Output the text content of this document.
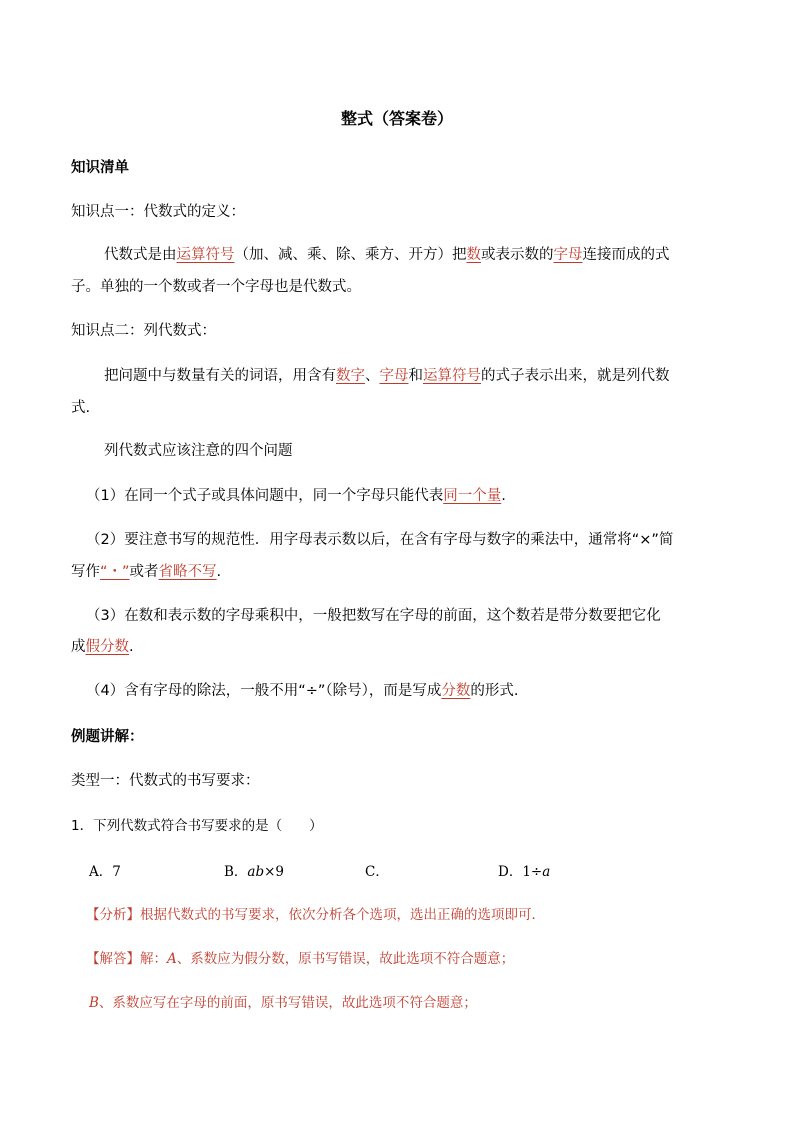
整式（答案卷）
知识清单
知识点一：代数式的定义：
代数式是由运算符号（加、减、乘、除、乘方、开方）把数或表示数的字母连接而成的式
子。单独的一个数或者一个字母也是代数式。
知识点二：列代数式：
把问题中与数量有关的词语，用含有数字、字母和运算符号的式子表示出来，就是列代数
式.
列代数式应该注意的四个问题
（1）在同一个式子或具体问题中，同一个字母只能代表同一个量.
（2）要注意书写的规范性．用字母表示数以后，在含有字母与数字的乘法中，通常将“×”简
写作“・”或者省略不写.
（3）在数和表示数的字母乘积中，一般把数写在字母的前面，这个数若是带分数要把它化
成假分数.
（4）含有字母的除法，一般不用“÷”（除号），而是写成分数的形式.
例题讲解：
类型一：代数式的书写要求：
1．下列代数式符合书写要求的是（　　）
A．7	B．ab×9	C．	D．1÷a
【分析】根据代数式的书写要求，依次分析各个选项，选出正确的选项即可．
【解答】解：A、系数应为假分数，原书写错误，故此选项不符合题意；
B、系数应写在字母的前面，原书写错误，故此选项不符合题意；
